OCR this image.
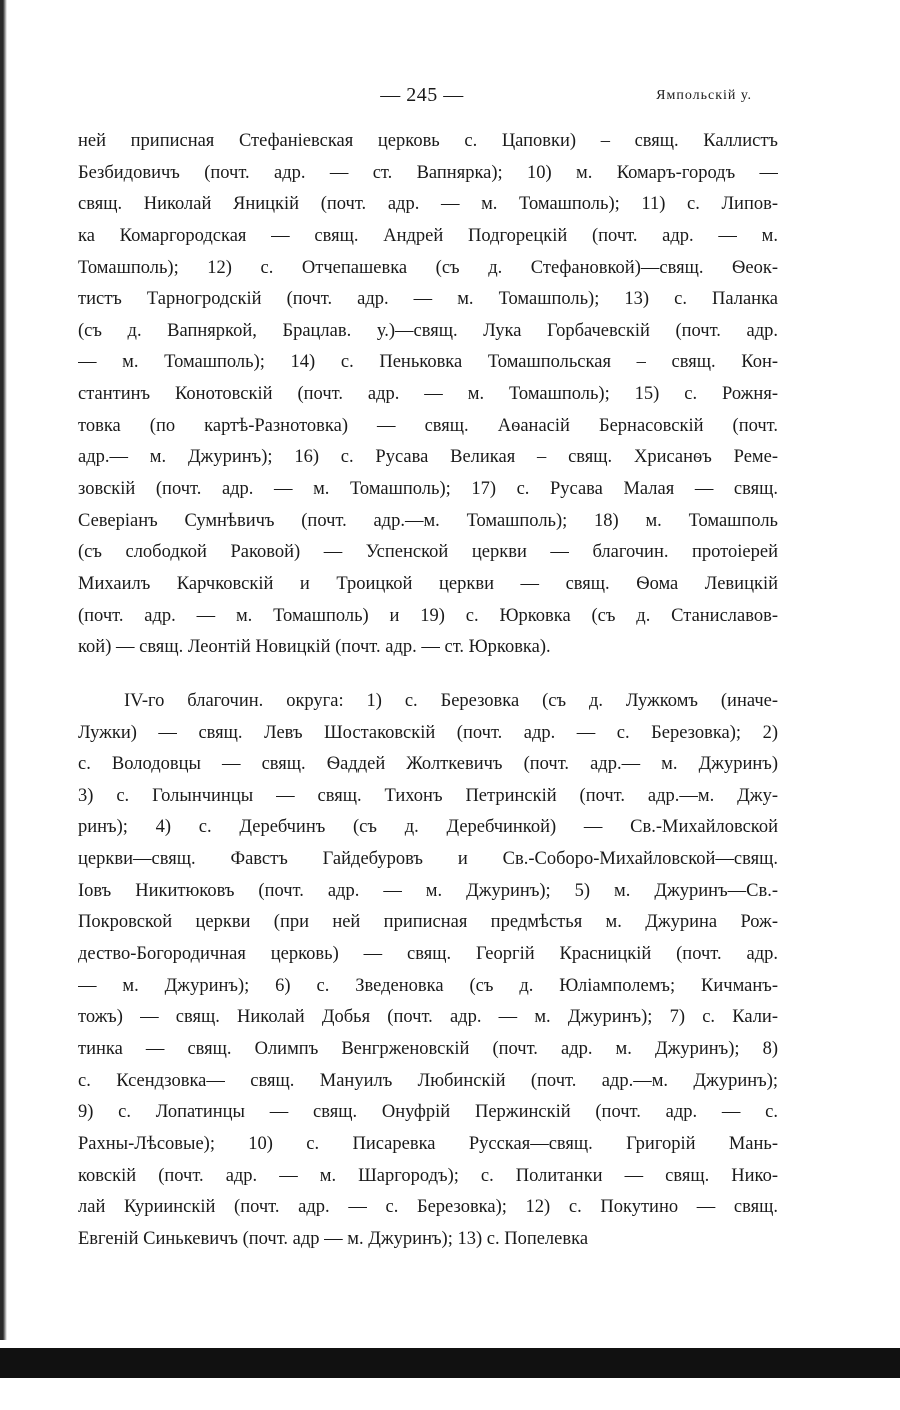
— 245 —	Ямпольскій у.
ней приписная Стефаніевская церковь с. Цаповки) – свящ. Каллистъ
Безбидовичъ (почт. адр. — ст. Вапнярка); 10) м. Комаръ-городъ —
свящ. Николай Яницкій (почт. адр. — м. Томашполь); 11) с. Липов-
ка Комаргородская — свящ. Андрей Подгорецкій (почт. адр. — м.
Томашполь); 12) с. Отчепашевка (съ д. Стефановкой)—свящ. Ѳеок-
тистъ Тарногродскій (почт. адр. — м. Томашполь); 13) с. Паланка
(съ д. Вапняркой, Брацлав. у.)—свящ. Лука Горбачевскій (почт. адр.
— м. Томашполь); 14) с. Пеньковка Томашпольская – свящ. Кон-
стантинъ Конотовскій (почт. адр. — м. Томашполь); 15) с. Рожня-
товка (по картѣ-Разнотовка) — свящ. Аѳанасій Бернасовскій (почт.
адр.— м. Джуринъ); 16) с. Русава Великая – свящ. Хрисанѳъ Реме-
зовскій (почт. адр. — м. Томашполь); 17) с. Русава Малая — свящ.
Северіанъ Сумнѣвичъ (почт. адр.—м. Томашполь); 18) м. Томашполь
(съ слободкой Раковой) — Успенской церкви — благочин. протоіерей
Михаилъ Карчковскій и Троицкой церкви — свящ. Ѳома Левицкій
(почт. адр. — м. Томашполь) и 19) с. Юрковка (съ д. Станиславов-
кой) — свящ. Леонтій Новицкій (почт. адр. — ст. Юрковка).
IV-го благочин. округа: 1) с. Березовка (съ д. Лужкомъ (иначе-
Лужки) — свящ. Левъ Шостаковскій (почт. адр. — с. Березовка); 2)
с. Володовцы — свящ. Ѳаддей Жолткевичъ (почт. адр.— м. Джуринъ)
3) с. Голынчинцы — свящ. Тихонъ Петринскій (почт. адр.—м. Джу-
ринъ); 4) с. Деребчинъ (съ д. Деребчинкой) — Св.-Михайловской
церкви—свящ. Фавстъ Гайдебуровъ и Св.-Соборо-Михайловской—свящ.
Іовъ Никитюковъ (почт. адр. — м. Джуринъ); 5) м. Джуринъ—Св.-
Покровской церкви (при ней приписная предмѣстья м. Джурина Рож-
дество-Богородичная церковь) — свящ. Георгій Красницкій (почт. адр.
— м. Джуринъ); 6) с. Зведеновка (съ д. Юліамполемъ; Кичманъ-
тожъ) — свящ. Николай Добья (почт. адр. — м. Джуринъ); 7) с. Кали-
тинка — свящ. Олимпъ Венгрженовскій (почт. адр. м. Джуринъ); 8)
с. Ксендзовка— свящ. Мануилъ Любинскій (почт. адр.—м. Джуринъ);
9) с. Лопатинцы — свящ. Онуфрій Пержинскій (почт. адр. — с.
Рахны-Лѣсовые); 10) с. Писаревка Русская—свящ. Григорій Мань-
ковскій (почт. адр. — м. Шаргородъ); с. Политанки — свящ. Нико-
лай Куриинскій (почт. адр. — с. Березовка); 12) с. Покутино — свящ.
Евгеній Синькевичъ (почт. адр — м. Джуринъ); 13) с. Попелевка
